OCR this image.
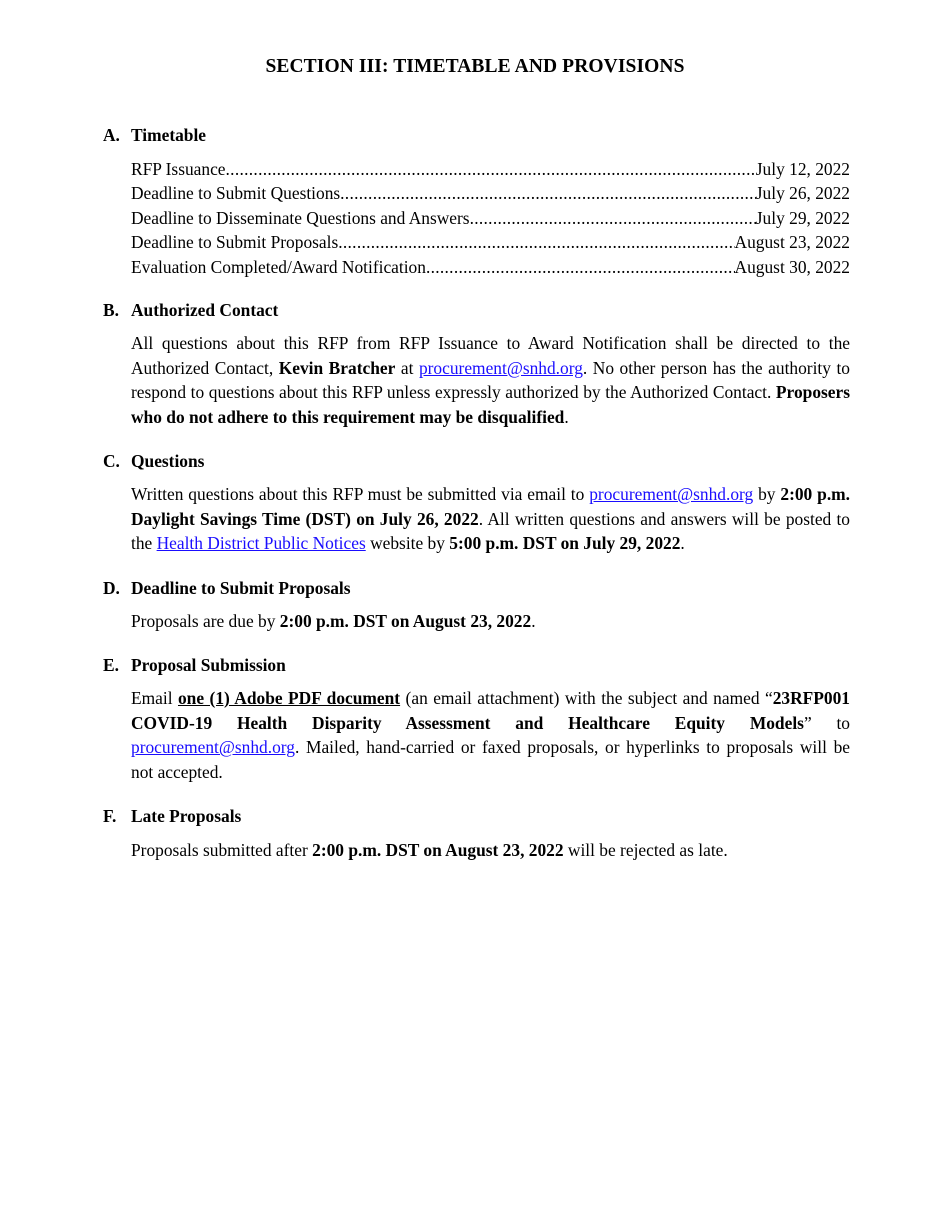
SECTION III: TIMETABLE AND PROVISIONS
A. Timetable
RFP Issuance .....	July 12, 2022
Deadline to Submit Questions .....	July 26, 2022
Deadline to Disseminate Questions and Answers .....	July 29, 2022
Deadline to Submit Proposals .....	August 23, 2022
Evaluation Completed/Award Notification .....	August 30, 2022
B. Authorized Contact

All questions about this RFP from RFP Issuance to Award Notification shall be directed to the Authorized Contact, Kevin Bratcher at procurement@snhd.org. No other person has the authority to respond to questions about this RFP unless expressly authorized by the Authorized Contact. Proposers who do not adhere to this requirement may be disqualified.

C. Questions

Written questions about this RFP must be submitted via email to procurement@snhd.org by 2:00 p.m. Daylight Savings Time (DST) on July 26, 2022. All written questions and answers will be posted to the Health District Public Notices website by 5:00 p.m. DST on July 29, 2022.

D. Deadline to Submit Proposals

Proposals are due by 2:00 p.m. DST on August 23, 2022.

E. Proposal Submission

Email one (1) Adobe PDF document (an email attachment) with the subject and named “23RFP001 COVID-19 Health Disparity Assessment and Healthcare Equity Models” to procurement@snhd.org. Mailed, hand-carried or faxed proposals, or hyperlinks to proposals will be not accepted.

F. Late Proposals

Proposals submitted after 2:00 p.m. DST on August 23, 2022 will be rejected as late.
